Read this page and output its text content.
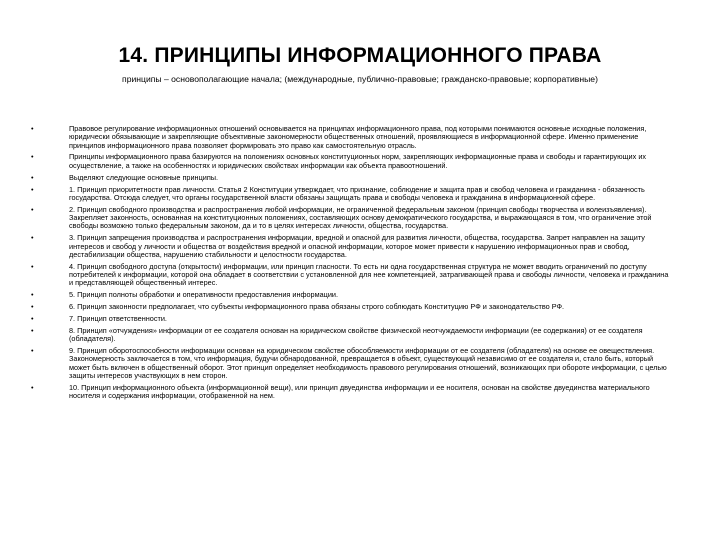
14. ПРИНЦИПЫ ИНФОРМАЦИОННОГО ПРАВА

принципы – основополагающие начала; (международные, публично-правовые; гражданско-правовые; корпоративные)

•	Правовое регулирование информационных отношений основывается на принципах информационного права, под которыми понимаются основные исходные положения, юридически обязывающие и закрепляющие объективные закономерности общественных отношений, проявляющиеся в информационной сфере. Именно применение принципов информационного права позволяет формировать это право как самостоятельную отрасль.
•	Принципы информационного права базируются на положениях основных конституционных норм, закрепляющих информационные права и свободы и гарантирующих их осуществление, а также на особенностях и юридических свойствах информации как объекта правоотношений.
•	Выделяют следующие основные принципы.
•	1. Принцип приоритетности прав личности. Статья 2 Конституции утверждает, что признание, соблюдение и защита прав и свобод человека и гражданина - обязанность государства. Отсюда следует, что органы государственной власти обязаны защищать права и свободы человека и гражданина в информационной сфере.
•	2. Принцип свободного производства и распространения любой информации, не ограниченной федеральным законом (принцип свободы творчества и волеизъявления). Закрепляет законность, основанная на конституционных положениях, составляющих основу демократического государства, и выражающаяся в том, что ограничение этой свободы возможно только федеральным законом, да и то в целях интересах личности, общества, государства.
•	3. Принцип запрещения производства и распространения информации, вредной и опасной для развития личности, общества, государства. Запрет направлен на защиту интересов и свобод у личности и общества от воздействия вредной и опасной информации, которое может привести к нарушению информационных прав и свобод, дестабилизации общества, нарушению стабильности и целостности государства.
•	4. Принцип свободного доступа (открытости) информации, или принцип гласности. То есть ни одна государственная структура не может вводить ограничений по доступу потребителей к информации, которой она обладает в соответствии с установленной для нее компетенцией, затрагивающей права и свободы личности, человека и гражданина и представляющей общественный интерес.
•	5. Принцип полноты обработки и оперативности предоставления информации.
•	6. Принцип законности предполагает, что субъекты информационного права обязаны строго соблюдать Конституцию РФ и законодательство РФ.
•	7. Принцип ответственности.
•	8. Принцип «отчуждения» информации от ее создателя основан на юридическом свойстве физической неотчуждаемости информации (ее содержания) от ее создателя (обладателя).
•	9. Принцип оборотоспособности информации основан на юридическом свойстве обособляемости информации от ее создателя (обладателя) на основе ее овеществления. Закономерность заключается в том, что информация, будучи обнародованной, превращается в объект, существующий независимо от ее создателя и, стало быть, который может быть включен в общественный оборот. Этот принцип определяет необходимость правового регулирования отношений, возникающих при обороте информации, с целью защиты интересов участвующих в нем сторон.
•	10. Принцип информационного объекта (информационной вещи), или принцип двуединства информации и ее носителя, основан на свойстве двуединства материального носителя и содержания информации, отображенной на нем.
